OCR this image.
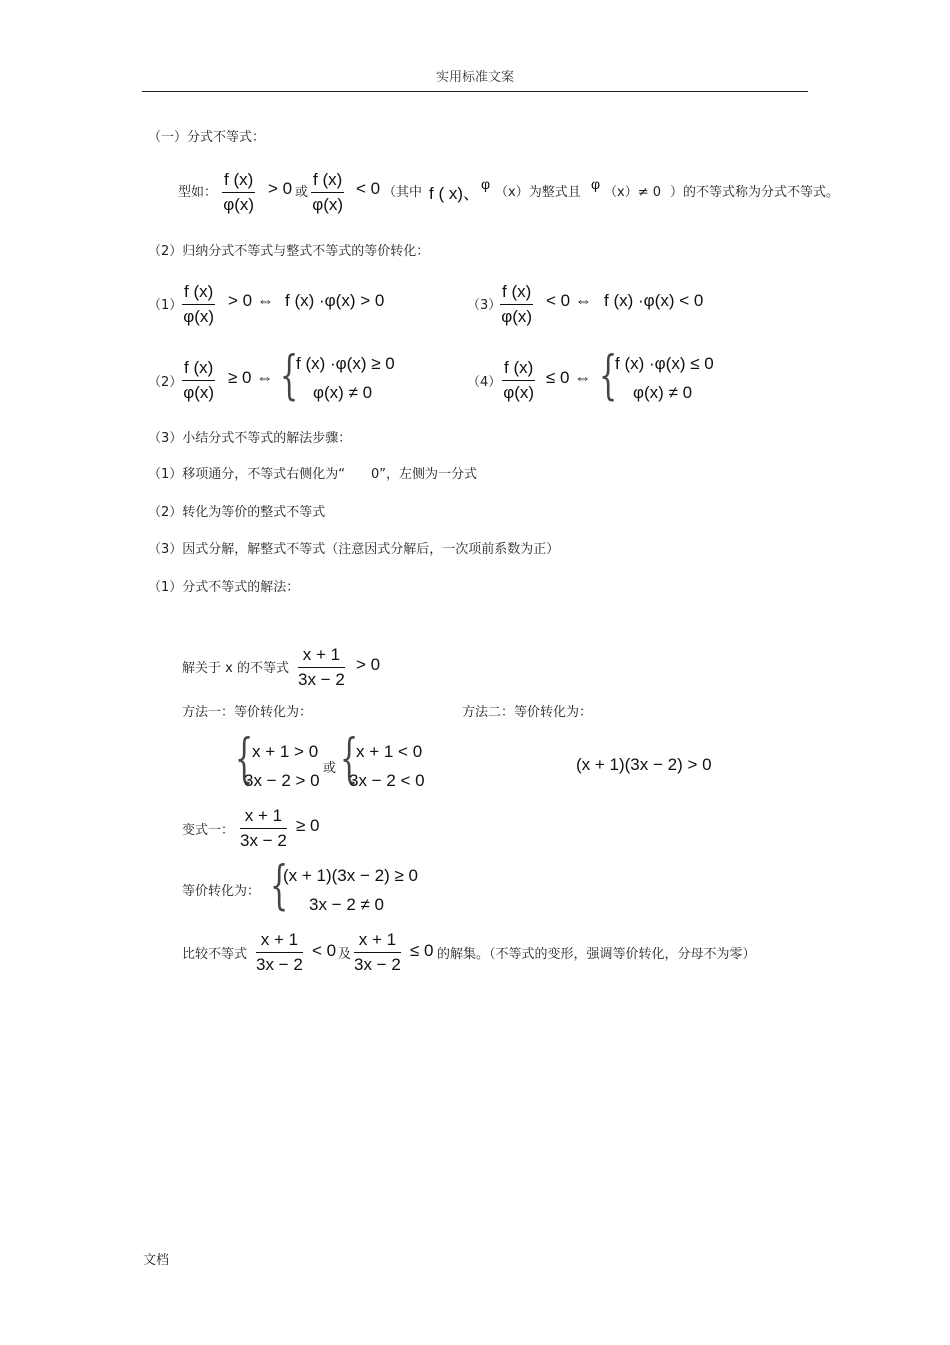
实用标准文案
（一）分式不等式：
型如： $\frac{f (x)}{\varphi(x)} > 0$ 或 $\frac{f (x)}{\varphi(x)} < 0$ （其中 f ( x)、 φ
（x）为整式且
φ
（x）≠ 0 ）的不等式称为分式不等式。
（2）归纳分式不等式与整式不等式的等价转化：
$(1) \frac{f (x)}{\varphi(x)} > 0$ ⇔ f (x) ·φ(x) > 0	（3）
$\frac{f (x)}{\varphi(x)} < 0$ ⇔ f (x) ·φ(x) < 0
$(2) \frac{f (x)}{\varphi(x)} \ge 0$ ⇔ {
f (x) ·φ(x) ≥ 0
φ(x) ≠ 0
$(4) \frac{f (x)}{\varphi(x)} \le 0$ ⇔ {
f (x) ·φ(x) ≤ 0
φ(x) ≠ 0
（3）小结分式不等式的解法步骤：
（1）移项通分，不等式右侧化为“　　0”，左侧为一分式
（2）转化为等价的整式不等式
（3）因式分解，解整式不等式（注意因式分解后，一次项前系数为正）
（1）分式不等式的解法：
解关于 x 的不等式 $\frac{x + 1}{3x - 2} > 0$
方法一：等价转化为：	方法二：等价转化为：
{
x + 1 > 0
3x − 2 > 0
或 {
x + 1 < 0
3x − 2 < 0
(x + 1)(3x − 2) > 0
变式一： $\frac{x + 1}{3x - 2} \ge 0$
等价转化为： {
(x + 1)(3x − 2) ≥ 0
3x − 2 ≠ 0
比较不等式 $\frac{x + 1}{3x - 2} < 0$ 及 $\frac{x + 1}{3x - 2} \le 0$ 的解集。（不等式的变形，强调等价转化，分母不为零）
文档
